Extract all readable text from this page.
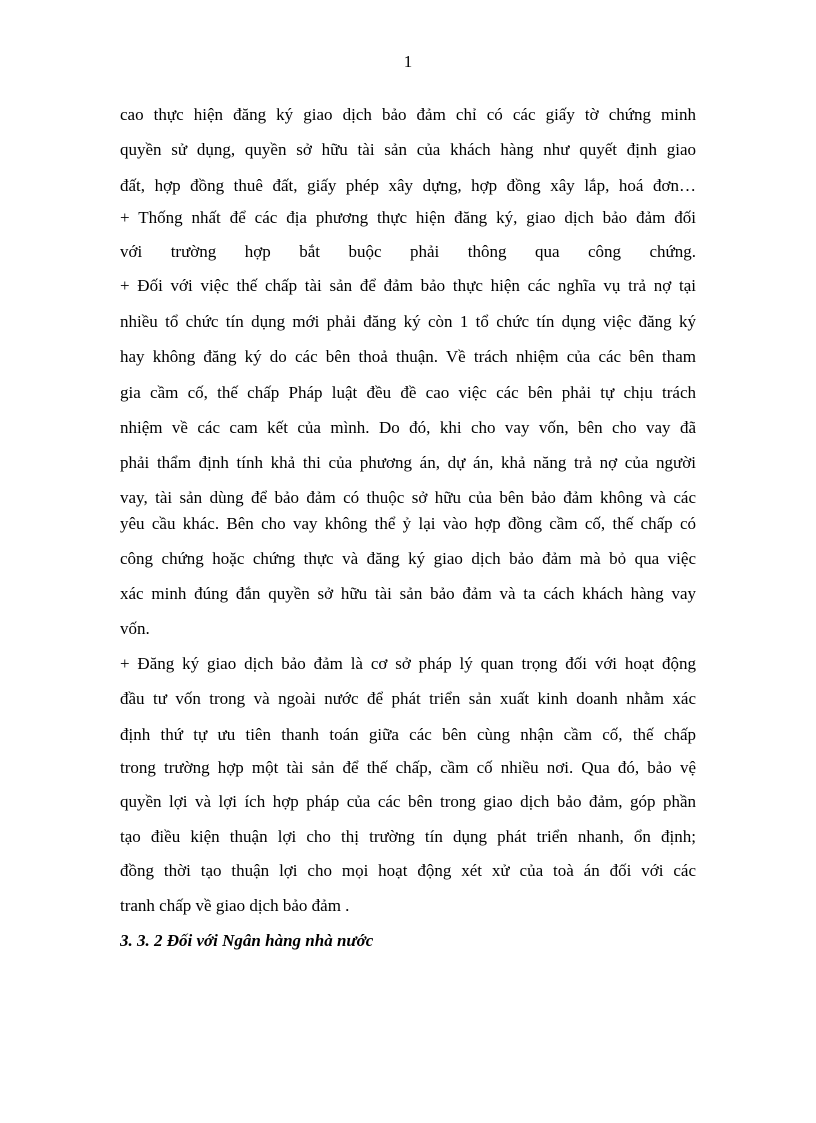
1
cao thực hiện đăng ký giao dịch bảo đảm chỉ có các giấy tờ chứng minh
quyền sử dụng, quyền sở hữu tài sản của khách hàng như quyết định giao
đất, hợp đồng thuê đất, giấy phép xây dựng, hợp đồng xây lắp, hoá đơn…
+ Thống nhất để các địa phương thực hiện đăng ký, giao dịch bảo đảm đối
với trường hợp bắt buộc phải thông qua công chứng.
+ Đối với việc thế chấp tài sản để đảm bảo thực hiện các nghĩa vụ trả nợ tại
nhiều tổ chức tín dụng mới phải đăng ký còn 1 tổ chức tín dụng việc đăng ký
hay không đăng ký do các bên thoả thuận. Về trách nhiệm của các bên tham
gia cầm cố, thế chấp Pháp luật đều đề cao việc các bên phải tự chịu trách
nhiệm về các cam kết của mình. Do đó, khi cho vay vốn, bên cho vay đã
phải thẩm định tính khả thi của phương án, dự án, khả năng trả nợ của người
vay, tài sản dùng để bảo đảm có thuộc sở hữu của bên bảo đảm không và các
yêu cầu khác. Bên cho vay không thể ỷ lại vào hợp đồng cầm cố, thế chấp có
công chứng hoặc chứng thực và đăng ký giao dịch bảo đảm mà bỏ qua việc
xác minh đúng đắn quyền sở hữu tài sản bảo đảm và ta cách khách hàng vay
vốn.
+ Đăng ký giao dịch bảo đảm là cơ sở pháp lý quan trọng đối với hoạt động
đầu tư vốn trong và ngoài nước để phát triển sản xuất kinh doanh nhằm xác
định thứ tự ưu tiên thanh toán giữa các bên cùng nhận cầm cố, thế chấp
trong trường hợp một tài sản để thế chấp, cầm cố nhiều nơi. Qua đó, bảo vệ
quyền lợi và lợi ích hợp pháp của các bên trong giao dịch bảo đảm, góp phần
tạo điều kiện thuận lợi cho thị trường tín dụng phát triển nhanh, ổn định;
đồng thời tạo thuận lợi cho mọi hoạt động xét xử của toà án đối với các
tranh chấp về giao dịch bảo đảm .
3. 3. 2 Đối với Ngân hàng nhà nước
